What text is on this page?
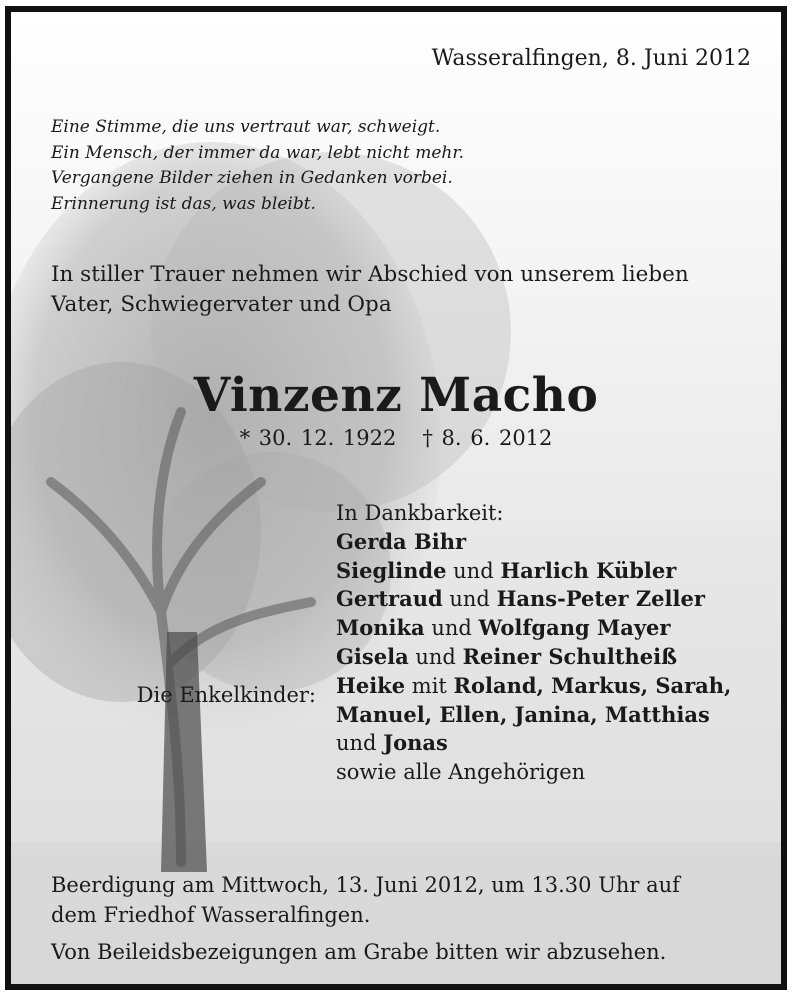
Wasseralfingen, 8. Juni 2012
Eine Stimme, die uns vertraut war, schweigt.
Ein Mensch, der immer da war, lebt nicht mehr.
Vergangene Bilder ziehen in Gedanken vorbei.
Erinnerung ist das, was bleibt.
In stiller Trauer nehmen wir Abschied von unserem lieben
Vater, Schwiegervater und Opa
Vinzenz Macho
* 30. 12. 1922 † 8. 6. 2012
In Dankbarkeit:
Gerda Bihr
Sieglinde und Harlich Kübler
Gertraud und Hans-Peter Zeller
Monika und Wolfgang Mayer
Gisela und Reiner Schultheiß
Heike mit Roland, Markus, Sarah,
Manuel, Ellen, Janina, Matthias
und Jonas
sowie alle Angehörigen
Die Enkelkinder:
Beerdigung am Mittwoch, 13. Juni 2012, um 13.30 Uhr auf
dem Friedhof Wasseralfingen.
Von Beileidsbezeigungen am Grabe bitten wir abzusehen.
